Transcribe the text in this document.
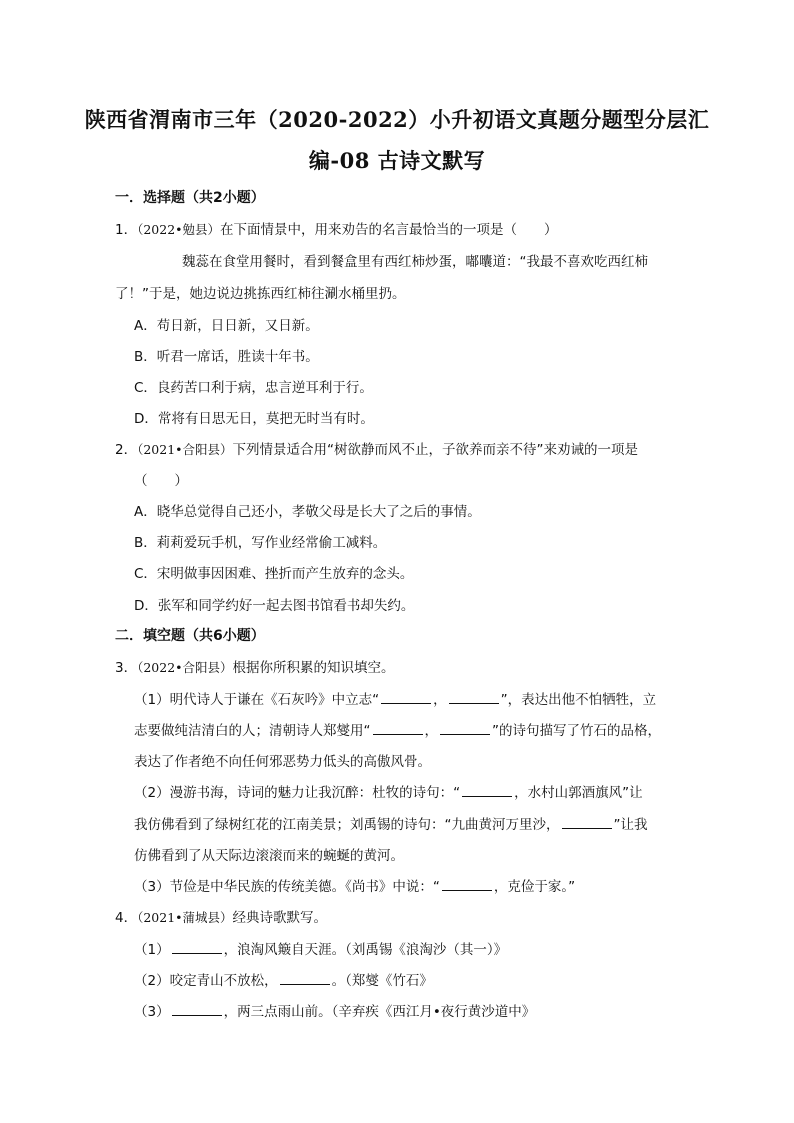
陕西省渭南市三年（2020-2022）小升初语文真题分题型分层汇
编-08 古诗文默写
一．选择题（共2小题）
1．（2022•勉县）在下面情景中，用来劝告的名言最恰当的一项是（　　）
魏蕊在食堂用餐时，看到餐盒里有西红柿炒蛋，嘟囔道：“我最不喜欢吃西红柿
了！”于是，她边说边挑拣西红柿往涮水桶里扔。
A．苟日新，日日新，又日新。
B．听君一席话，胜读十年书。
C．良药苦口利于病，忠言逆耳利于行。
D．常将有日思无日，莫把无时当有时。
2．（2021•合阳县）下列情景适合用“树欲静而风不止，子欲养而亲不待”来劝诫的一项是
（　　）
A．晓华总觉得自己还小，孝敬父母是长大了之后的事情。
B．莉莉爱玩手机，写作业经常偷工减料。
C．宋明做事因困难、挫折而产生放弃的念头。
D．张军和同学约好一起去图书馆看书却失约。
二．填空题（共6小题）
3．（2022•合阳县）根据你所积累的知识填空。
（1）明代诗人于谦在《石灰吟》中立志“	，	”，表达出他不怕牺牲，立
志要做纯洁清白的人；清朝诗人郑燮用“	，	”的诗句描写了竹石的品格，
表达了作者绝不向任何邪恶势力低头的高傲风骨。
（2）漫游书海，诗词的魅力让我沉醉：杜牧的诗句：“	，水村山郭酒旗风”让
我仿佛看到了绿树红花的江南美景；刘禹锡的诗句：“九曲黄河万里沙，	”让我
仿佛看到了从天际边滚滚而来的蜿蜒的黄河。
（3）节俭是中华民族的传统美德。《尚书》中说：“	，克俭于家。”
4．（2021•蒲城县）经典诗歌默写。
（1）	，浪淘风簸自天涯。（刘禹锡《浪淘沙（其一）》
（2）咬定青山不放松，	。（郑燮《竹石》
（3）	，两三点雨山前。（辛弃疾《西江月•夜行黄沙道中》
